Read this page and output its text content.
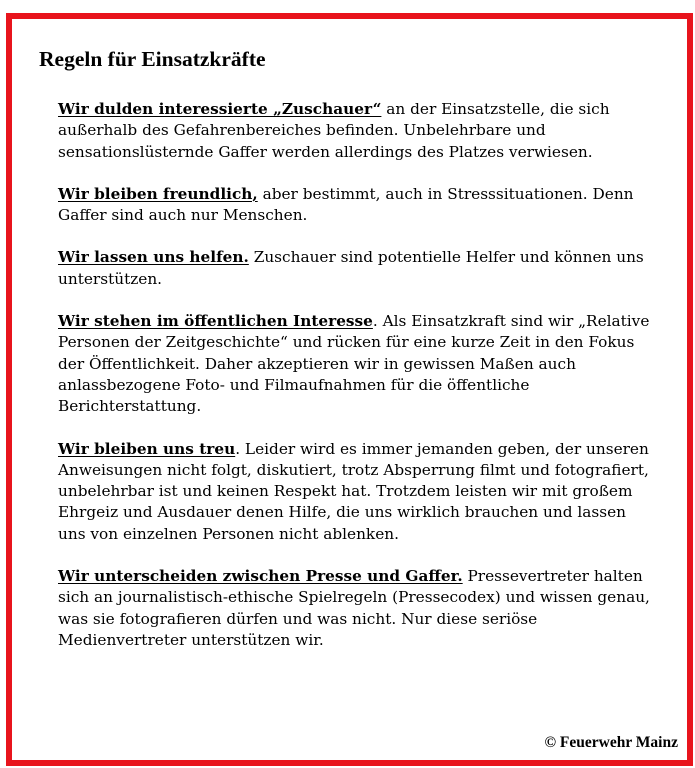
Regeln für Einsatzkräfte

Wir dulden interessierte „Zuschauer“ an der Einsatzstelle, die sich außerhalb des Gefahrenbereiches befinden. Unbelehrbare und sensationslüsternde Gaffer werden allerdings des Platzes verwiesen.

Wir bleiben freundlich, aber bestimmt, auch in Stresssituationen. Denn Gaffer sind auch nur Menschen.

Wir lassen uns helfen. Zuschauer sind potentielle Helfer und können uns unterstützen.

Wir stehen im öffentlichen Interesse. Als Einsatzkraft sind wir „Relative Personen der Zeitgeschichte“ und rücken für eine kurze Zeit in den Fokus der Öffentlichkeit. Daher akzeptieren wir in gewissen Maßen auch anlassbezogene Foto- und Filmaufnahmen für die öffentliche Berichterstattung.

Wir bleiben uns treu. Leider wird es immer jemanden geben, der unseren Anweisungen nicht folgt, diskutiert, trotz Absperrung filmt und fotografiert, unbelehrbar ist und keinen Respekt hat. Trotzdem leisten wir mit großem Ehrgeiz und Ausdauer denen Hilfe, die uns wirklich brauchen und lassen uns von einzelnen Personen nicht ablenken.

Wir unterscheiden zwischen Presse und Gaffer. Pressevertreter halten sich an journalistisch-ethische Spielregeln (Pressecodex) und wissen genau, was sie fotografieren dürfen und was nicht. Nur diese seriöse Medienvertreter unterstützen wir.

© Feuerwehr Mainz
